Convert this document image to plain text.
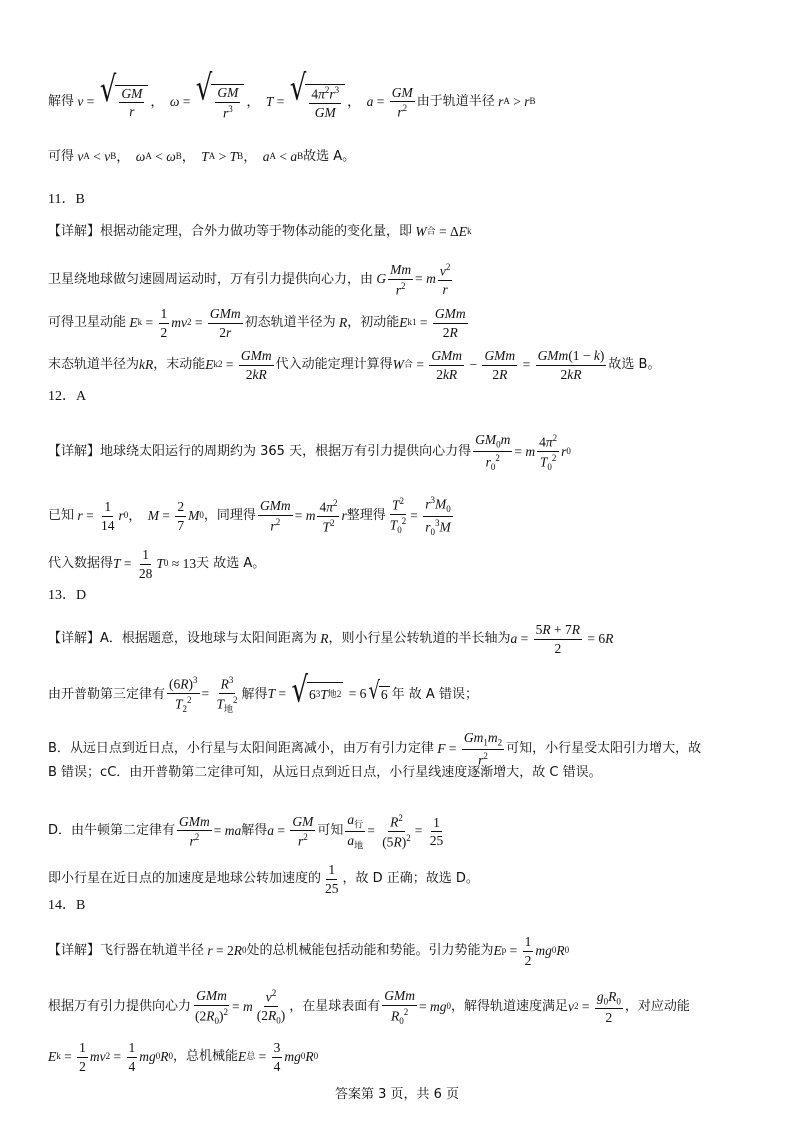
解得 v = √ $\frac{GM}{r}$ ， ω = √ $\frac{GM}{r^3}$ ， T = √ $\frac{4\pi^2r^3}{GM}$ ， $a = \frac{GM}{r^2}$ 由于轨道半径 r A > r B
可得 v A < v B ， ω A < ω B ， T A > T B ， a A < a B 故选 A。
11．B
【详解】根据动能定理，合外力做功等于物体动能的变化量，即 W 合 = Δ E k
卫星绕地球做匀速圆周运动时，万有引力提供向心力，由 G $\frac{Mm}{r^2} = m \frac{v^2}{r}$
可得卫星动能 E $k = \frac{1}{2}$ mv $2 = \frac{\text{GMm}}{2r}$ 初态轨道半径为 R ，初动能 E $k1 = \frac{\text{GMm}}{2R}$
末态轨道半径为 kR ，末动能 E $k2 = \frac{\text{GMm}}{2kR}$ 代入动能定理计算得 W 合 = $\frac{\text{GMm}}{2kR} - \frac{\text{GMm}}{2R} = \frac{\text{GMm(1 − k)}}{2kR}$ 故选 B。
12．A
【详解】地球绕太阳运行的周期约为 365 天，根据万有引力提供向心力得 $\frac{GM_0m}{r_0^2} = m \frac{4\pi^2}{T_0^2}$ r 0
已知 $r = \frac{1}{14}$ r 0 ， $M = \frac{2}{7}$ M 0 ，同理得 $\frac{\text{GMm}}{r^2} = m \frac{4\pi^2}{T^2}$ r 整理得 $\frac{T^2}{T_0^2} = \frac{r^3M_0}{r_0^3M}$
代入数据得 $T = \frac{1}{28}$ T 0 ≈ 13 天 故选 A。
13．D
【详解】A．根据题意，设地球与太阳间距离为 R ，则小行星公转轨道的半长轴为 $a = \frac{5R + 7R}{2} = 6$ R
由开普勒第三定律有 $\frac{(6R)^3}{T_2^2} = \frac{R^3}{T_地^2}$ 解得 T = √ 6 3 T 地 2 = 6 √ 6 年 故 A 错误；
B．从远日点到近日点，小行星与太阳间距离减小，由万有引力定律 $F = \frac{Gm_1m_2}{r^2}$ 可知，小行星受太阳引力增大，故
B 错误；cC．由开普勒第二定律可知，从远日点到近日点，小行星线速度逐渐增大，故 C 错误。
D．由牛顿第二定律有 $\frac{\text{GMm}}{r^2}$ = ma 解得 $a = \frac{GM}{r^2}$ 可知 $\frac{a_行}{a_地} = \frac{R^2}{(5R)^2} = \frac{1}{25}$
即小行星在近日点的加速度是地球公转加速度的 $\frac{1}{25}$ ，故 D 正确；故选 D。
14．B
【详解】飞行器在轨道半径 r = 2 R 0 处的总机械能包括动能和势能。引力势能为 E $p = \frac{1}{2}$ mg 0 R 0
根据万有引力提供向心力 $\frac{\text{GMm}}{(2R_0)^2} = m \frac{v^2}{(2R_0)}$ ，在星球表面有 $\frac{\text{GMm}}{R_0^2}$ = mg 0 ，解得轨道速度满足 v $2 = \frac{g_0R_0}{2}$ ，对应动能
E $k = \frac{1}{2}$ mv $2 = \frac{1}{4}$ mg 0 R 0 ，总机械能 E 总 = $\frac{3}{4}$ mg 0 R 0
答案第 3 页，共 6 页
